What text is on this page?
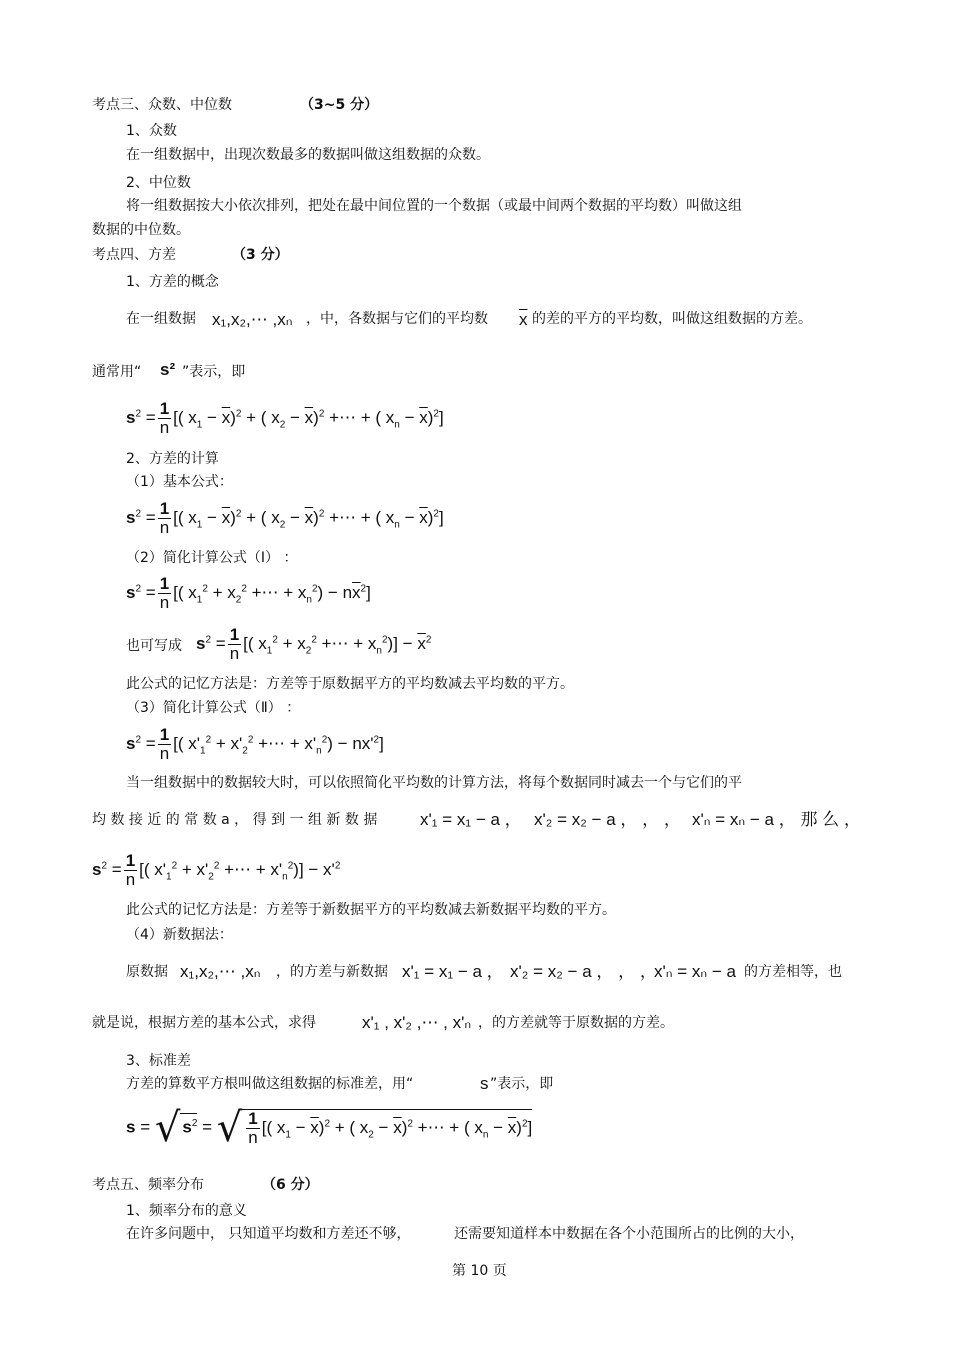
考点三、众数、中位数	（3~5 分）
1、众数
在一组数据中，出现次数最多的数据叫做这组数据的众数。
2、中位数
将一组数据按大小依次排列，把处在最中间位置的一个数据（或最中间两个数据的平均数）叫做这组
数据的中位数。
考点四、方差	（3 分）
1、方差的概念
在一组数据 x₁,x₂,⋯ ,xₙ ，中，各数据与它们的平均数 $\overline{x}$ 的差的平方的平均数，叫做这组数据的方差。
通常用“ s² ”表示，即
$s^2 = \frac{1}{n}$ [( $x_1 - \overline{x})^2$ + ( $x_2 - \overline{x})^2$ +⋯ + ( $x_n - \overline{x})^2$]
2、方差的计算
（1）基本公式：
$s^2 = \frac{1}{n}$ [( $x_1 - \overline{x})^2$ + ( $x_2 - \overline{x})^2$ +⋯ + ( $x_n - \overline{x})^2$]
（2）简化计算公式（Ⅰ） ：
$s^2 = \frac{1}{n}$ [( $x_1^2 + x_2^2$ +⋯ + $x_n^2) - n\overline{x}^2$]
也可写成 $s^2 = \frac{1}{n}$ [( $x_1^2 + x_2^2$ +⋯ + $x_n^2)] - \overline{x}^2$
此公式的记忆方法是：方差等于原数据平方的平均数减去平均数的平方。
（3）简化计算公式（Ⅱ） ：
$s^2 = \frac{1}{n}$ [( $x'_1^2 + x'_2^2$ +⋯ + $x'_n^2) - nx'^2$]
当一组数据中的数据较大时，可以依照简化平均数的计算方法，将每个数据同时减去一个与它们的平
均 数 接 近 的 常 数 a ， 得 到 一 组 新 数 据	x'₁ = x₁ − a ， x'₂ = x₂ − a ， ， ， x'ₙ = xₙ − a ， 那 么 ，
$s^2 = \frac{1}{n}$ [( $x'_1^2 + x'_2^2$ +⋯ + $x'_n^2)] - x'^2$
此公式的记忆方法是：方差等于新数据平方的平均数减去新数据平均数的平方。
（4）新数据法：
原数据 x₁,x₂,⋯ ,xₙ ，的方差与新数据 x'₁ = x₁ − a ， x'₂ = x₂ − a ， ， ，
x'ₙ = xₙ − a 的方差相等，也
就是说，根据方差的基本公式，求得	x'₁ , x'₂ ,⋯ , x'ₙ ，的方差就等于原数据的方差。
3、标准差
方差的算数平方根叫做这组数据的标准差，用“	s ”表示，即
s = √ $s^2$ = √ $\frac{1}{n}$ [( $x_1 - \overline{x})^2$ + ( $x_2 - \overline{x})^2$ +⋯ + ( $x_n - \overline{x})^2$]
考点五、频率分布	（6 分）
1、频率分布的意义
在许多问题中， 只知道平均数和方差还不够，	还需要知道样本中数据在各个小范围所占的比例的大小，
第 10 页
